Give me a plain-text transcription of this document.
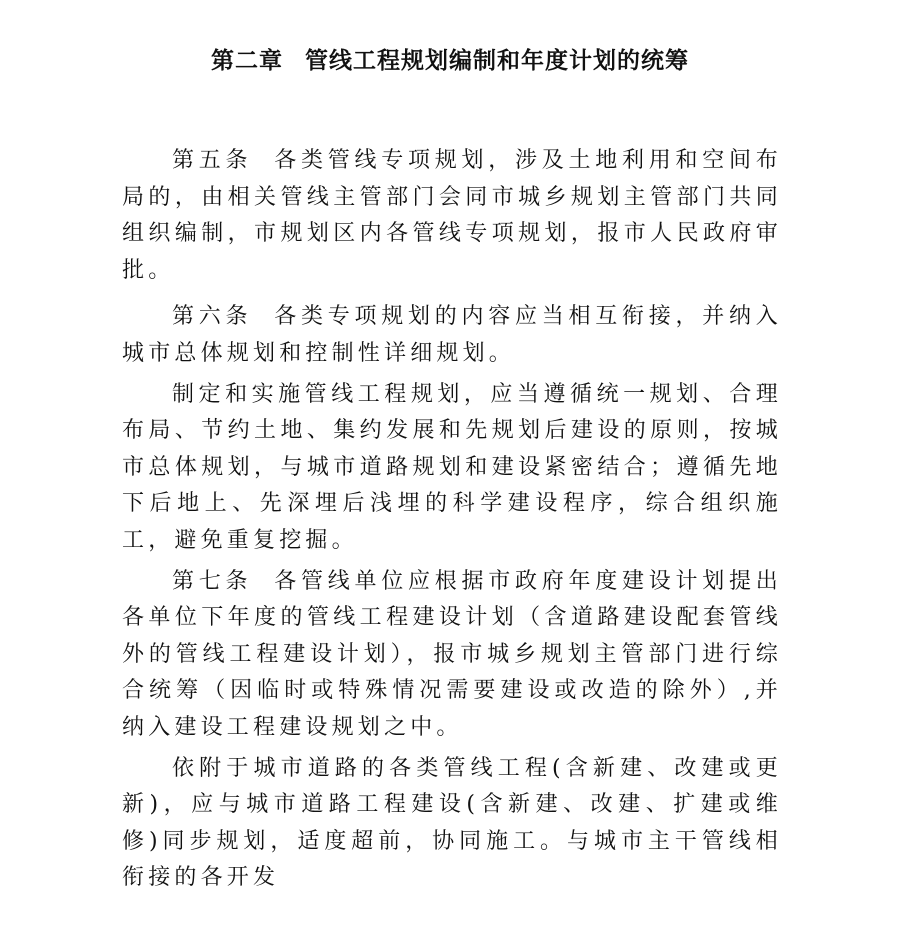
第二章 管线工程规划编制和年度计划的统筹

第五条 各类管线专项规划，涉及土地利用和空间布局的，由相关管线主管部门会同市城乡规划主管部门共同组织编制，市规划区内各管线专项规划，报市人民政府审批。

第六条 各类专项规划的内容应当相互衔接，并纳入城市总体规划和控制性详细规划。

制定和实施管线工程规划，应当遵循统一规划、合理布局、节约土地、集约发展和先规划后建设的原则，按城市总体规划，与城市道路规划和建设紧密结合；遵循先地下后地上、先深埋后浅埋的科学建设程序，综合组织施工，避免重复挖掘。

第七条 各管线单位应根据市政府年度建设计划提出各单位下年度的管线工程建设计划（含道路建设配套管线外的管线工程建设计划），报市城乡规划主管部门进行综合统筹（因临时或特殊情况需要建设或改造的除外）,并纳入建设工程建设规划之中。

依附于城市道路的各类管线工程(含新建、改建或更新)，应与城市道路工程建设(含新建、改建、扩建或维修)同步规划，适度超前，协同施工。与城市主干管线相衔接的各开发
